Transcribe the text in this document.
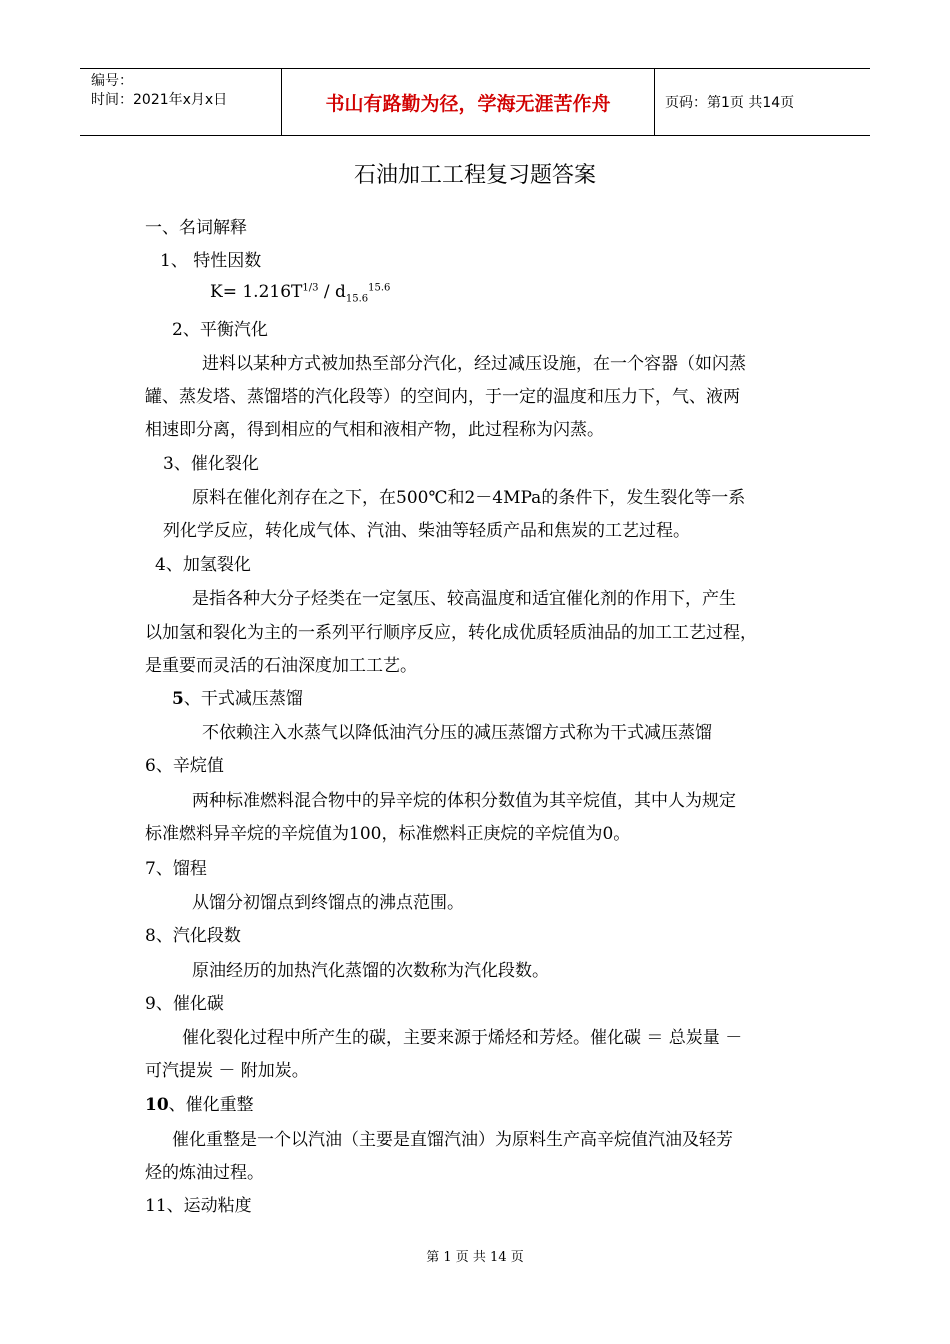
编号：
时间：2021年x月x日	书山有路勤为径，学海无涯苦作舟	页码：第1页 共14页
石油加工工程复习题答案
一、名词解释
1、 特性因数
$K= 1.216T^{1/3} / d_{15.6}^{15.6}$
2、平衡汽化
进料以某种方式被加热至部分汽化，经过减压设施，在一个容器（如闪蒸
罐、蒸发塔、蒸馏塔的汽化段等）的空间内，于一定的温度和压力下，气、液两
相速即分离，得到相应的气相和液相产物，此过程称为闪蒸。
3、催化裂化
原料在催化剂存在之下，在500℃和2－4MPa的条件下，发生裂化等一系
列化学反应，转化成气体、汽油、柴油等轻质产品和焦炭的工艺过程。
4、加氢裂化
是指各种大分子烃类在一定氢压、较高温度和适宜催化剂的作用下，产生
以加氢和裂化为主的一系列平行顺序反应，转化成优质轻质油品的加工工艺过程，
是重要而灵活的石油深度加工工艺。
5、干式减压蒸馏
不依赖注入水蒸气以降低油汽分压的减压蒸馏方式称为干式减压蒸馏
6、辛烷值
两种标准燃料混合物中的异辛烷的体积分数值为其辛烷值，其中人为规定
标准燃料异辛烷的辛烷值为100，标准燃料正庚烷的辛烷值为0。
7、馏程
从馏分初馏点到终馏点的沸点范围。
8、汽化段数
原油经历的加热汽化蒸馏的次数称为汽化段数。
9、催化碳
催化裂化过程中所产生的碳，主要来源于烯烃和芳烃。催化碳 ＝ 总炭量 －
可汽提炭 － 附加炭。
10、催化重整
催化重整是一个以汽油（主要是直馏汽油）为原料生产高辛烷值汽油及轻芳
烃的炼油过程。
11、运动粘度
第 1 页 共 14 页
